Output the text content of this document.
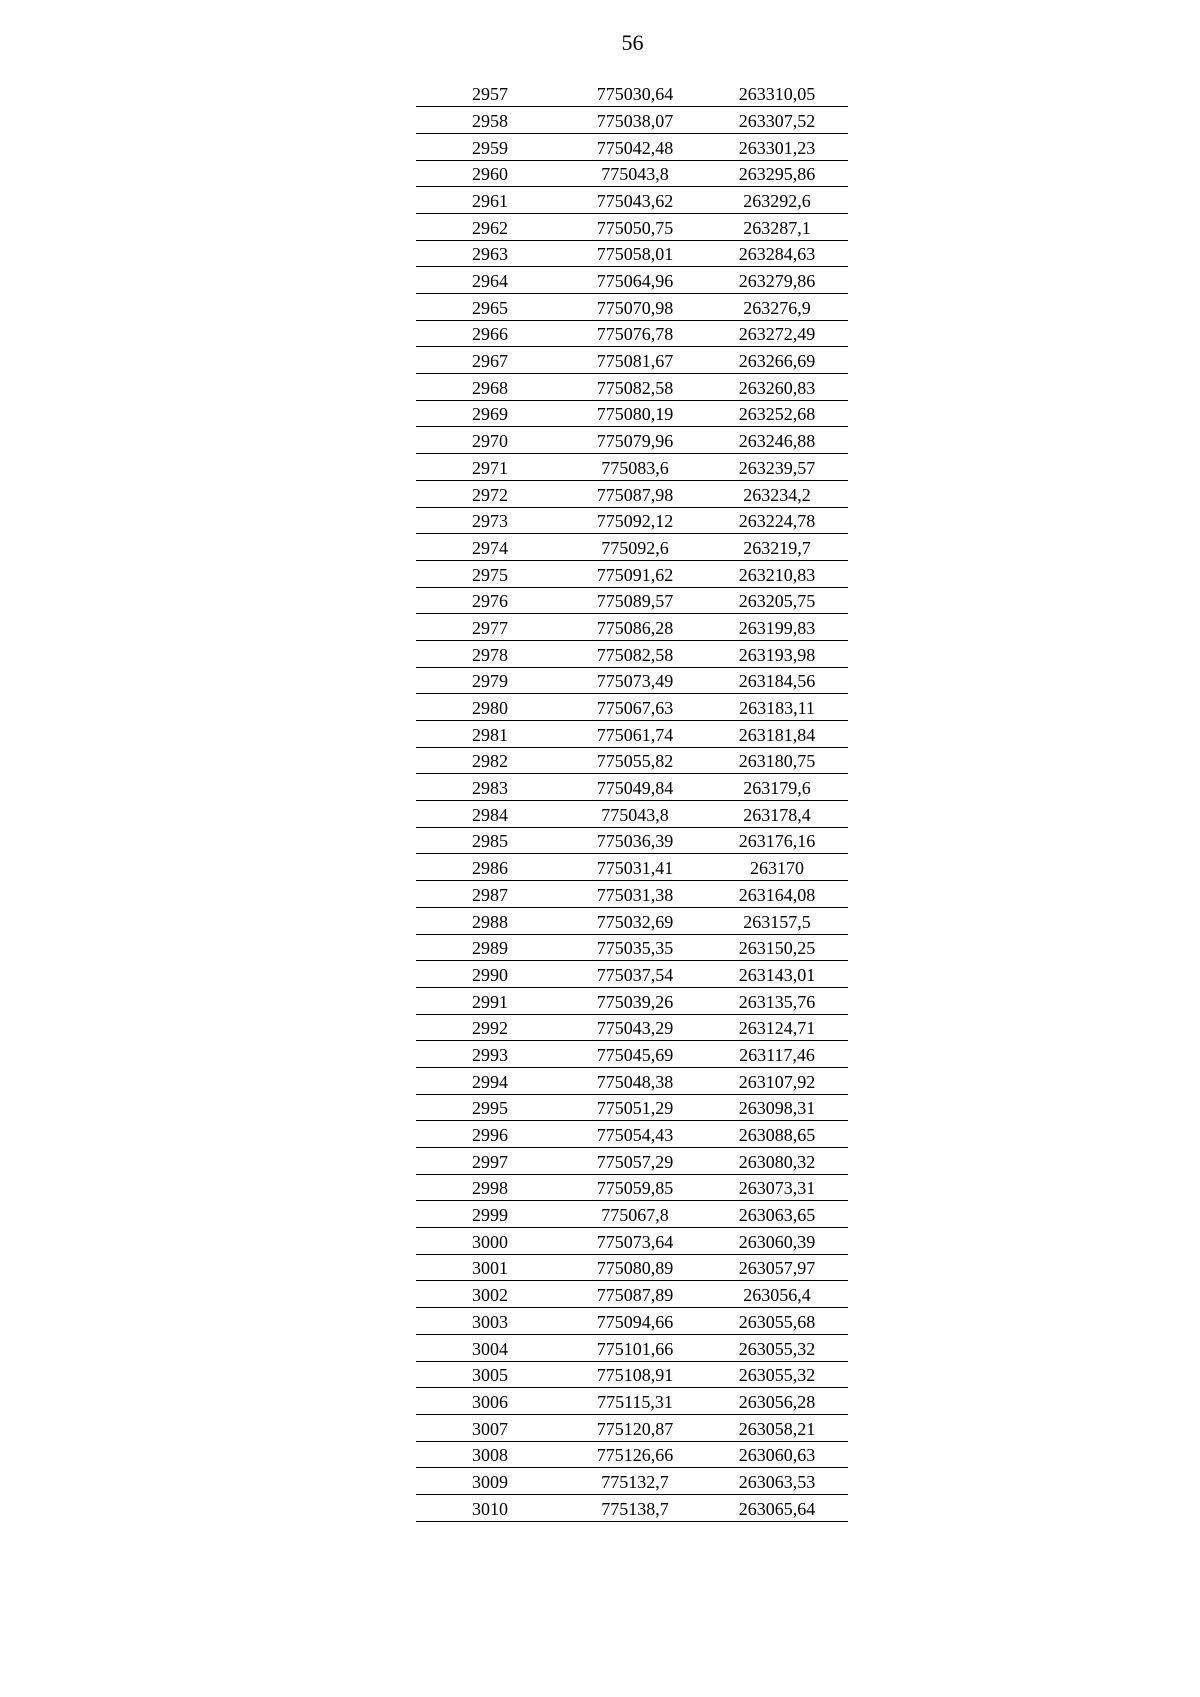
56
2957	775030,64	263310,05
2958	775038,07	263307,52
2959	775042,48	263301,23
2960	775043,8	263295,86
2961	775043,62	263292,6
2962	775050,75	263287,1
2963	775058,01	263284,63
2964	775064,96	263279,86
2965	775070,98	263276,9
2966	775076,78	263272,49
2967	775081,67	263266,69
2968	775082,58	263260,83
2969	775080,19	263252,68
2970	775079,96	263246,88
2971	775083,6	263239,57
2972	775087,98	263234,2
2973	775092,12	263224,78
2974	775092,6	263219,7
2975	775091,62	263210,83
2976	775089,57	263205,75
2977	775086,28	263199,83
2978	775082,58	263193,98
2979	775073,49	263184,56
2980	775067,63	263183,11
2981	775061,74	263181,84
2982	775055,82	263180,75
2983	775049,84	263179,6
2984	775043,8	263178,4
2985	775036,39	263176,16
2986	775031,41	263170
2987	775031,38	263164,08
2988	775032,69	263157,5
2989	775035,35	263150,25
2990	775037,54	263143,01
2991	775039,26	263135,76
2992	775043,29	263124,71
2993	775045,69	263117,46
2994	775048,38	263107,92
2995	775051,29	263098,31
2996	775054,43	263088,65
2997	775057,29	263080,32
2998	775059,85	263073,31
2999	775067,8	263063,65
3000	775073,64	263060,39
3001	775080,89	263057,97
3002	775087,89	263056,4
3003	775094,66	263055,68
3004	775101,66	263055,32
3005	775108,91	263055,32
3006	775115,31	263056,28
3007	775120,87	263058,21
3008	775126,66	263060,63
3009	775132,7	263063,53
3010	775138,7	263065,64
